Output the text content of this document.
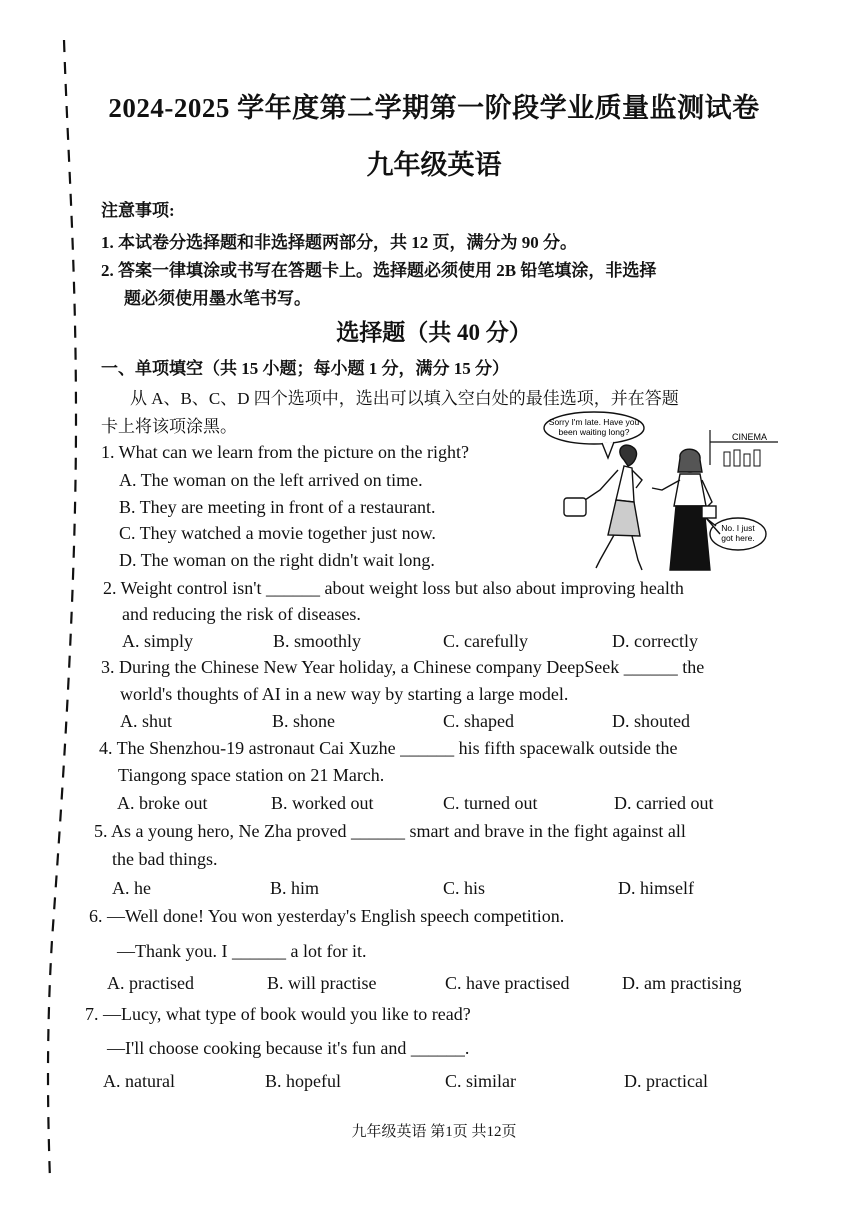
2024-2025 学年度第二学期第一阶段学业质量监测试卷
九年级英语
注意事项:
1. 本试卷分选择题和非选择题两部分，共 12 页，满分为 90 分。
2. 答案一律填涂或书写在答题卡上。选择题必须使用 2B 铅笔填涂，非选择
题必须使用墨水笔书写。
选择题（共 40 分）
一、单项填空（共 15 小题；每小题 1 分，满分 15 分）
从 A、B、C、D 四个选项中，选出可以填入空白处的最佳选项，并在答题
卡上将该项涂黑。
1. What can we learn from the picture on the right?
A. The woman on the left arrived on time.
B. They are meeting in front of a restaurant.
C. They watched a movie together just now.
D. The woman on the right didn't wait long.
Sorry I'm late. Have you
been waiting long?	CINEMA
No. I just
got here.
2. Weight control isn't ______ about weight loss but also about improving health
and reducing the risk of diseases.
A. simply	B. smoothly	C. carefully	D. correctly
3. During the Chinese New Year holiday, a Chinese company DeepSeek ______ the
world's thoughts of AI in a new way by starting a large model.
A. shut	B. shone	C. shaped	D. shouted
4. The Shenzhou-19 astronaut Cai Xuzhe ______ his fifth spacewalk outside the
Tiangong space station on 21 March.
A. broke out	B. worked out	C. turned out	D. carried out
5. As a young hero, Ne Zha proved ______ smart and brave in the fight against all
the bad things.
A. he	B. him	C. his	D. himself
6. —Well done! You won yesterday's English speech competition.
—Thank you. I ______ a lot for it.
A. practised	B. will practise	C. have practised	D. am practising
7. —Lucy, what type of book would you like to read?
—I'll choose cooking because it's fun and ______.
A. natural	B. hopeful	C. similar	D. practical
九年级英语 第1页 共12页
